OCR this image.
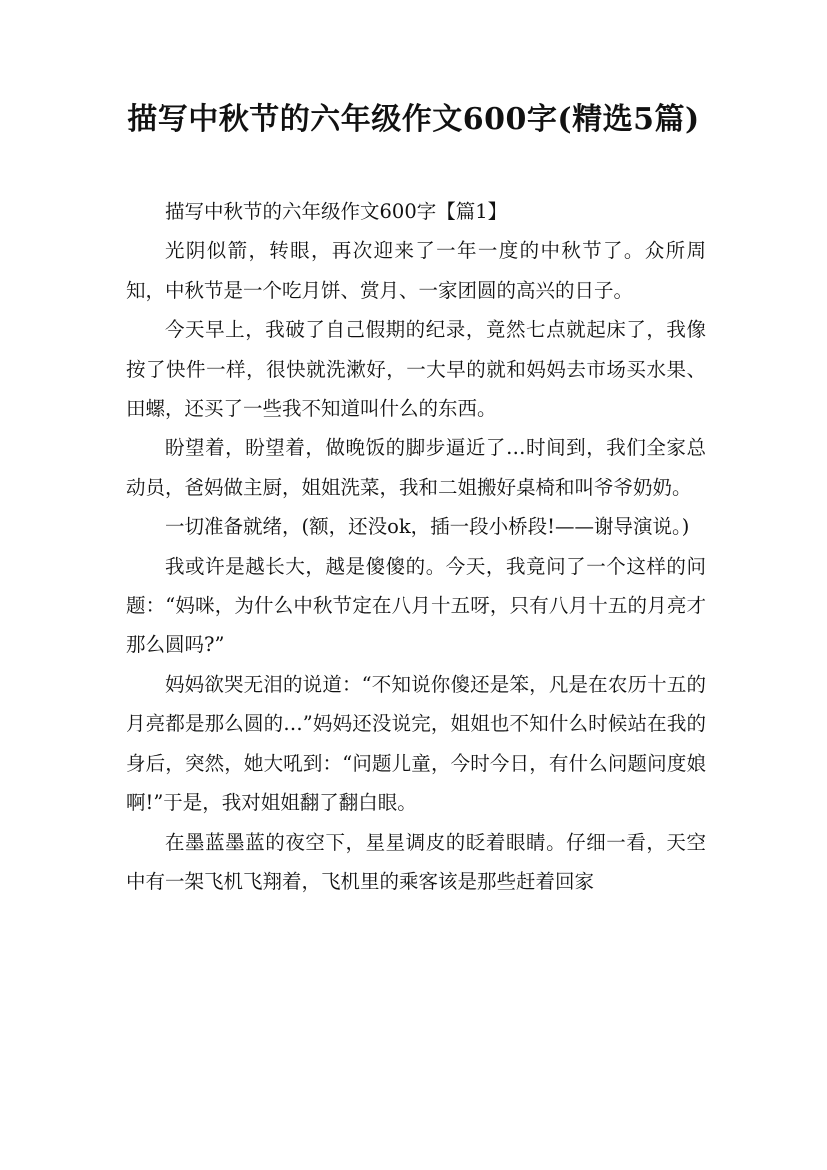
描写中秋节的六年级作文600字(精选5篇)

描写中秋节的六年级作文600字【篇1】

光阴似箭，转眼，再次迎来了一年一度的中秋节了。众所周知，中秋节是一个吃月饼、赏月、一家团圆的高兴的日子。

今天早上，我破了自己假期的纪录，竟然七点就起床了，我像按了快件一样，很快就洗漱好，一大早的就和妈妈去市场买水果、田螺，还买了一些我不知道叫什么的东西。

盼望着，盼望着，做晚饭的脚步逼近了…时间到，我们全家总动员，爸妈做主厨，姐姐洗菜，我和二姐搬好桌椅和叫爷爷奶奶。

一切准备就绪，(额，还没ok，插一段小桥段!——谢导演说。)

我或许是越长大，越是傻傻的。今天，我竟问了一个这样的问题：“妈咪，为什么中秋节定在八月十五呀，只有八月十五的月亮才那么圆吗?”

妈妈欲哭无泪的说道：“不知说你傻还是笨，凡是在农历十五的月亮都是那么圆的…”妈妈还没说完，姐姐也不知什么时候站在我的身后，突然，她大吼到：“问题儿童，今时今日，有什么问题问度娘啊!”于是，我对姐姐翻了翻白眼。

在墨蓝墨蓝的夜空下，星星调皮的眨着眼睛。仔细一看，天空中有一架飞机飞翔着，飞机里的乘客该是那些赶着回家
